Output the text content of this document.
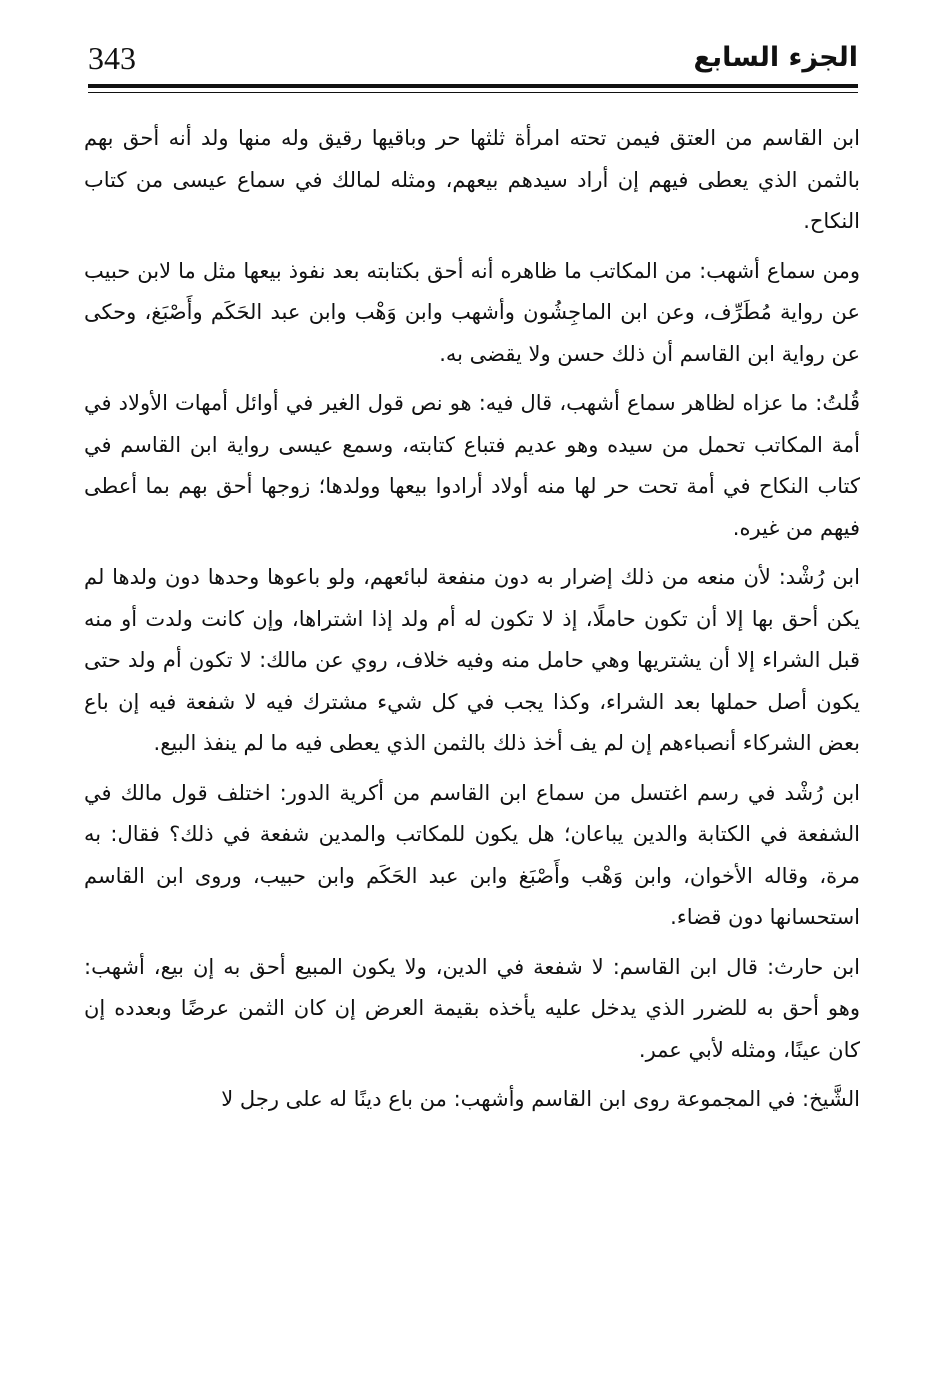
343	الجزء السابع

ابن القاسم من العتق فيمن تحته امرأة ثلثها حر وباقيها رقيق وله منها ولد أنه أحق بهم بالثمن الذي يعطى فيهم إن أراد سيدهم بيعهم، ومثله لمالك في سماع عيسى من كتاب النكاح.

ومن سماع أشهب: من المكاتب ما ظاهره أنه أحق بكتابته بعد نفوذ بيعها مثل ما لابن حبيب عن رواية مُطَرِّف، وعن ابن الماجِشُون وأشهب وابن وَهْب وابن عبد الحَكَم وأَصْبَغ، وحكى عن رواية ابن القاسم أن ذلك حسن ولا يقضى به.

قُلتُ: ما عزاه لظاهر سماع أشهب، قال فيه: هو نص قول الغير في أوائل أمهات الأولاد في أمة المكاتب تحمل من سيده وهو عديم فتباع كتابته، وسمع عيسى رواية ابن القاسم في كتاب النكاح في أمة تحت حر لها منه أولاد أرادوا بيعها وولدها؛ زوجها أحق بهم بما أعطى فيهم من غيره.

ابن رُشْد: لأن منعه من ذلك إضرار به دون منفعة لبائعهم، ولو باعوها وحدها دون ولدها لم يكن أحق بها إلا أن تكون حاملًا، إذ لا تكون له أم ولد إذا اشتراها، وإن كانت ولدت أو منه قبل الشراء إلا أن يشتريها وهي حامل منه وفيه خلاف، روي عن مالك: لا تكون أم ولد حتى يكون أصل حملها بعد الشراء، وكذا يجب في كل شيء مشترك فيه لا شفعة فيه إن باع بعض الشركاء أنصباءهم إن لم يف أخذ ذلك بالثمن الذي يعطى فيه ما لم ينفذ البيع.

ابن رُشْد في رسم اغتسل من سماع ابن القاسم من أكرية الدور: اختلف قول مالك في الشفعة في الكتابة والدين يباعان؛ هل يكون للمكاتب والمدين شفعة في ذلك؟ فقال: به مرة، وقاله الأخوان، وابن وَهْب وأَصْبَغ وابن عبد الحَكَم وابن حبيب، وروى ابن القاسم استحسانها دون قضاء.

ابن حارث: قال ابن القاسم: لا شفعة في الدين، ولا يكون المبيع أحق به إن بيع، أشهب: وهو أحق به للضرر الذي يدخل عليه يأخذه بقيمة العرض إن كان الثمن عرضًا وبعدده إن كان عينًا، ومثله لأبي عمر.

الشَّيخ: في المجموعة روى ابن القاسم وأشهب: من باع دينًا له على رجل لا
